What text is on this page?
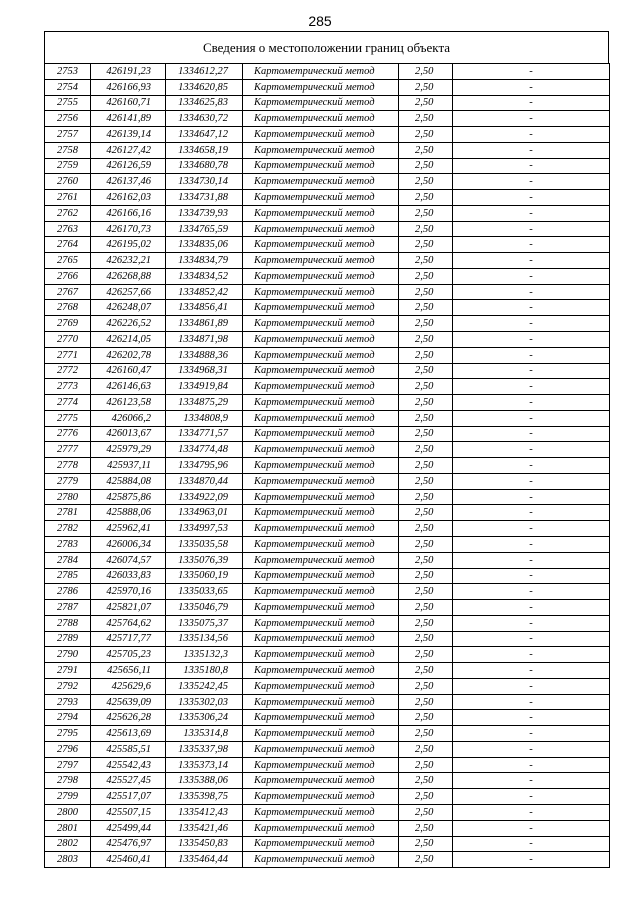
285
Сведения о местоположении границ объекта
2753	426191,23	1334612,27	Картометрический метод	2,50	-
2754	426166,93	1334620,85	Картометрический метод	2,50	-
2755	426160,71	1334625,83	Картометрический метод	2,50	-
2756	426141,89	1334630,72	Картометрический метод	2,50	-
2757	426139,14	1334647,12	Картометрический метод	2,50	-
2758	426127,42	1334658,19	Картометрический метод	2,50	-
2759	426126,59	1334680,78	Картометрический метод	2,50	-
2760	426137,46	1334730,14	Картометрический метод	2,50	-
2761	426162,03	1334731,88	Картометрический метод	2,50	-
2762	426166,16	1334739,93	Картометрический метод	2,50	-
2763	426170,73	1334765,59	Картометрический метод	2,50	-
2764	426195,02	1334835,06	Картометрический метод	2,50	-
2765	426232,21	1334834,79	Картометрический метод	2,50	-
2766	426268,88	1334834,52	Картометрический метод	2,50	-
2767	426257,66	1334852,42	Картометрический метод	2,50	-
2768	426248,07	1334856,41	Картометрический метод	2,50	-
2769	426226,52	1334861,89	Картометрический метод	2,50	-
2770	426214,05	1334871,98	Картометрический метод	2,50	-
2771	426202,78	1334888,36	Картометрический метод	2,50	-
2772	426160,47	1334968,31	Картометрический метод	2,50	-
2773	426146,63	1334919,84	Картометрический метод	2,50	-
2774	426123,58	1334875,29	Картометрический метод	2,50	-
2775	426066,2	1334808,9	Картометрический метод	2,50	-
2776	426013,67	1334771,57	Картометрический метод	2,50	-
2777	425979,29	1334774,48	Картометрический метод	2,50	-
2778	425937,11	1334795,96	Картометрический метод	2,50	-
2779	425884,08	1334870,44	Картометрический метод	2,50	-
2780	425875,86	1334922,09	Картометрический метод	2,50	-
2781	425888,06	1334963,01	Картометрический метод	2,50	-
2782	425962,41	1334997,53	Картометрический метод	2,50	-
2783	426006,34	1335035,58	Картометрический метод	2,50	-
2784	426074,57	1335076,39	Картометрический метод	2,50	-
2785	426033,83	1335060,19	Картометрический метод	2,50	-
2786	425970,16	1335033,65	Картометрический метод	2,50	-
2787	425821,07	1335046,79	Картометрический метод	2,50	-
2788	425764,62	1335075,37	Картометрический метод	2,50	-
2789	425717,77	1335134,56	Картометрический метод	2,50	-
2790	425705,23	1335132,3	Картометрический метод	2,50	-
2791	425656,11	1335180,8	Картометрический метод	2,50	-
2792	425629,6	1335242,45	Картометрический метод	2,50	-
2793	425639,09	1335302,03	Картометрический метод	2,50	-
2794	425626,28	1335306,24	Картометрический метод	2,50	-
2795	425613,69	1335314,8	Картометрический метод	2,50	-
2796	425585,51	1335337,98	Картометрический метод	2,50	-
2797	425542,43	1335373,14	Картометрический метод	2,50	-
2798	425527,45	1335388,06	Картометрический метод	2,50	-
2799	425517,07	1335398,75	Картометрический метод	2,50	-
2800	425507,15	1335412,43	Картометрический метод	2,50	-
2801	425499,44	1335421,46	Картометрический метод	2,50	-
2802	425476,97	1335450,83	Картометрический метод	2,50	-
2803	425460,41	1335464,44	Картометрический метод	2,50	-
